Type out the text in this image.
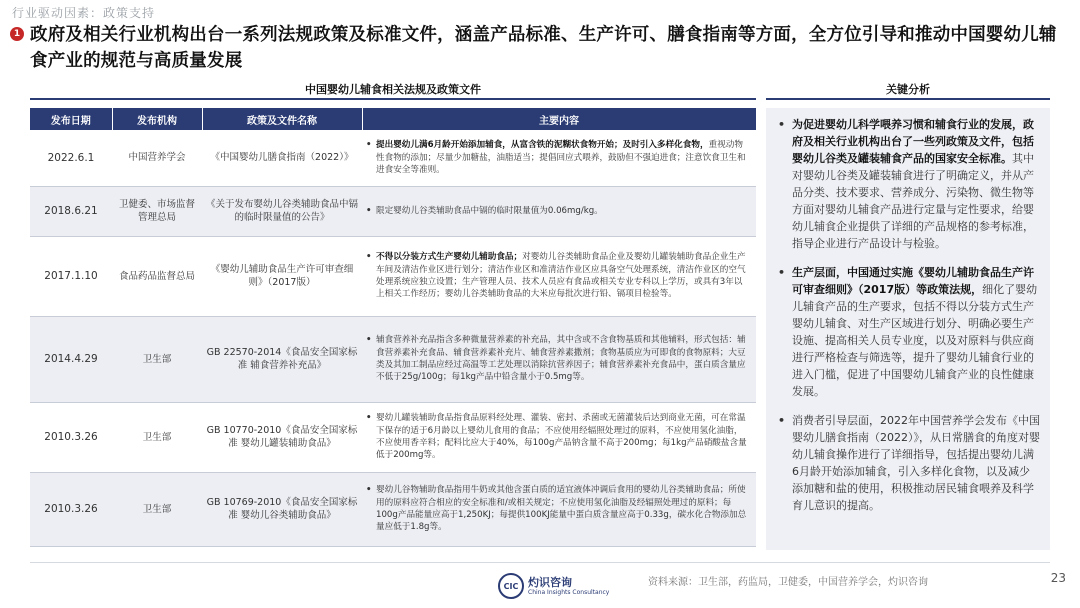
行业驱动因素：政策支持
1 政府及相关行业机构出台一系列法规政策及标准文件，涵盖产品标准、生产许可、膳食指南等方面，全方位引导和推动中国婴幼儿辅食产业的规范与高质量发展
中国婴幼儿辅食相关法规及政策文件
发布日期	发布机构	政策及文件名称	主要内容
2022.6.1	中国营养学会	《中国婴幼儿膳食指南（2022）》	• 提出婴幼儿满6月龄开始添加辅食，从富含铁的泥糊状食物开始；及时引入多样化食物，重视动物性食物的添加；尽量少加糖盐，油脂适当；提倡回应式喂养，鼓励但不强迫进食；注意饮食卫生和进食安全等准则。

2018.6.21	卫健委、市场监督管理总局	《关于发布婴幼儿谷类辅助食品中镉的临时限量值的公告》	• 限定婴幼儿谷类辅助食品中镉的临时限量值为0.06mg/kg。

2017.1.10	食品药品监督总局	《婴幼儿辅助食品生产许可审查细则》（2017版）	• 不得以分装方式生产婴幼儿辅助食品；对婴幼儿谷类辅助食品企业及婴幼儿罐装辅助食品企业生产车间及清洁作业区进行划分；清洁作业区和准清洁作业区应具备空气处理系统，清洁作业区的空气处理系统应独立设置；生产管理人员、技术人员应有食品或相关专业专科以上学历，或具有3年以上相关工作经历；婴幼儿谷类辅助食品的大米应每批次进行铅、镉项目检验等。

2014.4.29	卫生部	GB 22570-2014《食品安全国家标准 辅食营养补充品》	• 辅食营养补充品指含多种微量营养素的补充品，其中含或不含食物基质和其他辅料，形式包括：辅食营养素补充食品、辅食营养素补充片、辅食营养素撒剂；食物基质应为可即食的食物原料；大豆类及其加工制品应经过高温等工艺处理以消除抗营养因子；辅食营养素补充食品中，蛋白质含量应不低于25g/100g；每1kg产品中铅含量小于0.5mg等。

2010.3.26	卫生部	GB 10770-2010《食品安全国家标准 婴幼儿罐装辅助食品》	• 婴幼儿罐装辅助食品指食品原料经处理、灌装、密封、杀菌或无菌灌装后达到商业无菌，可在常温下保存的适于6月龄以上婴幼儿食用的食品；不应使用经辐照处理过的原料，不应使用氢化油脂，不应使用香辛料；配料比应大于40%，每100g产品钠含量不高于200mg；每1kg产品硝酸盐含量低于200mg等。

2010.3.26	卫生部	GB 10769-2010《食品安全国家标准 婴幼儿谷类辅助食品》	• 婴幼儿谷物辅助食品指用牛奶或其他含蛋白质的适宜液体冲调后食用的婴幼儿谷类辅助食品；所使用的原料应符合相应的安全标准和/或相关规定；不应使用氢化油脂及经辐照处理过的原料；每100g产品能量应高于1,250KJ；每提供100KJ能量中蛋白质含量应高于0.33g，碳水化合物添加总量应低于1.8g等。
关键分析
• 为促进婴幼儿科学喂养习惯和辅食行业的发展，政府及相关行业机构出台了一些列政策及文件，包括婴幼儿谷类及罐装辅食产品的国家安全标准。其中对婴幼儿谷类及罐装辅食进行了明确定义，并从产品分类、技术要求、营养成分、污染物、微生物等方面对婴幼儿辅食产品进行定量与定性要求，给婴幼儿辅食企业提供了详细的产品规格的参考标准，指导企业进行产品设计与检验。
• 生产层面，中国通过实施《婴幼儿辅助食品生产许可审查细则》（2017版）等政策法规，细化了婴幼儿辅食产品的生产要求，包括不得以分装方式生产婴幼儿辅食、对生产区域进行划分、明确必要生产设施、提高相关人员专业度，以及对原料与供应商进行严格检查与筛选等，提升了婴幼儿辅食行业的进入门槛，促进了中国婴幼儿辅食产业的良性健康发展。
• 消费者引导层面，2022年中国营养学会发布《中国婴幼儿膳食指南（2022）》，从日常膳食的角度对婴幼儿辅食操作进行了详细指导，包括提出婴幼儿满6月龄开始添加辅食，引入多样化食物，以及减少添加糖和盐的使用，积极推动居民辅食喂养及科学育儿意识的提高。
CIC 灼识咨询
China Insights Consultancy
资料来源：卫生部，药监局，卫健委，中国营养学会，灼识咨询	23
